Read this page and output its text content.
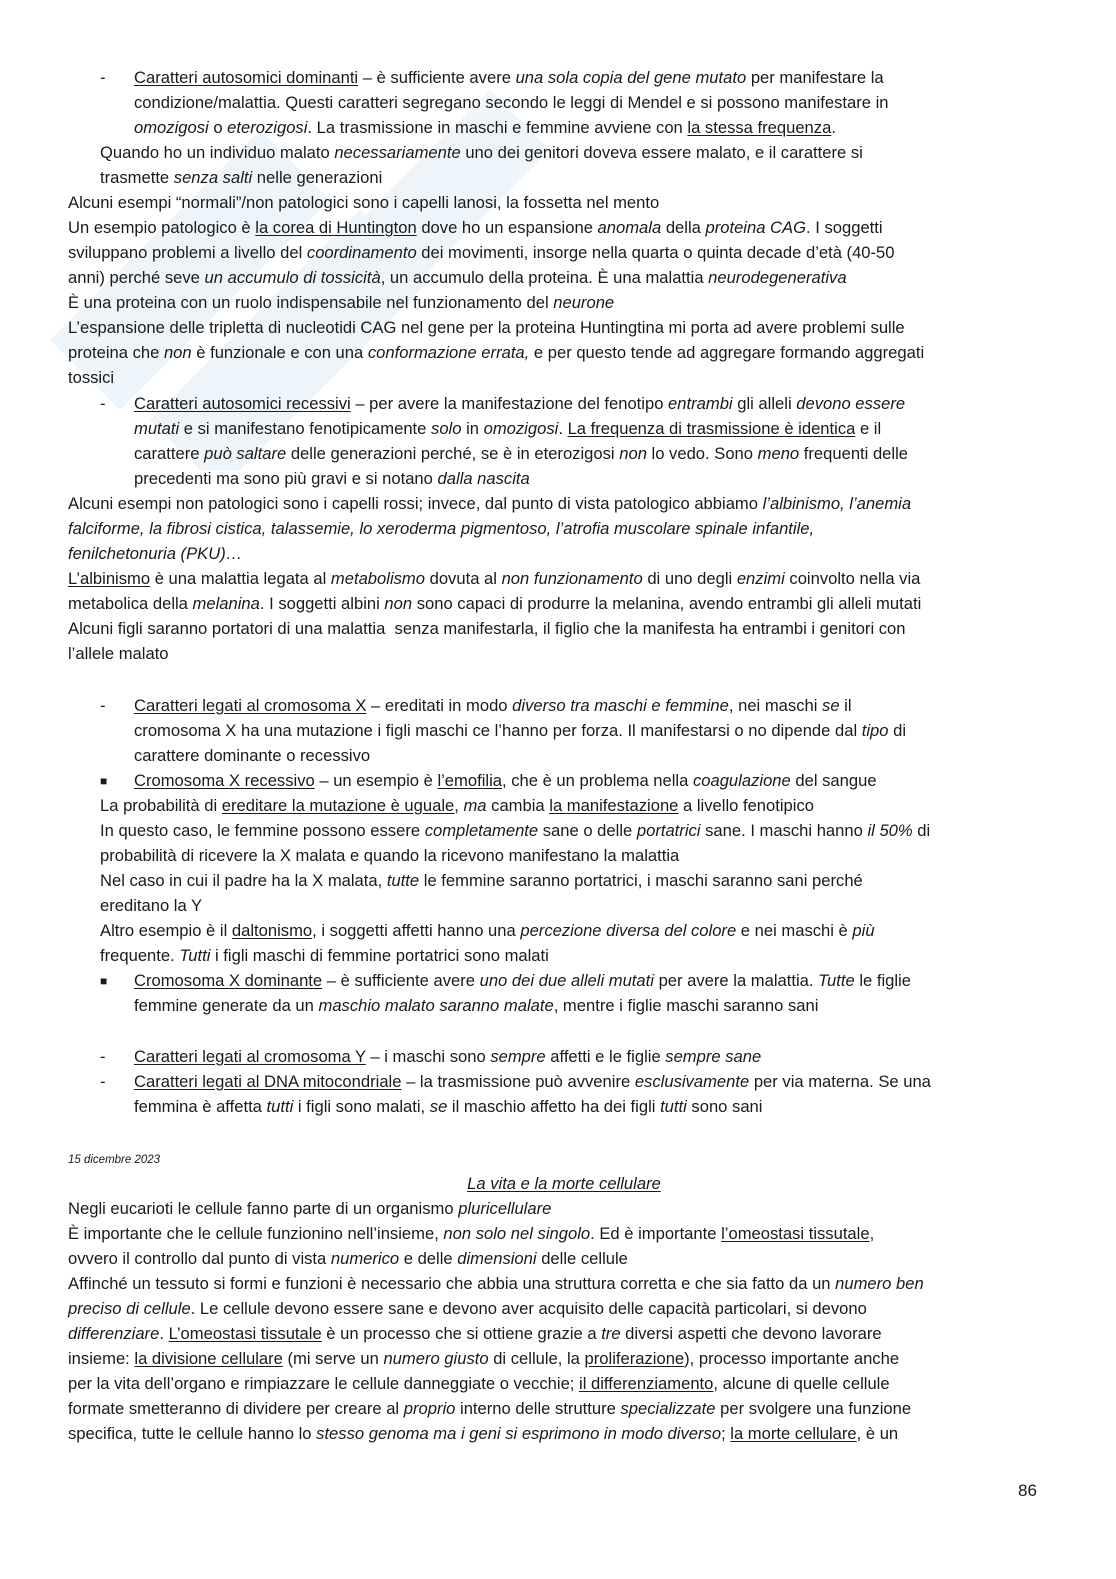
- Caratteri autosomici dominanti – è sufficiente avere una sola copia del gene mutato per manifestare la
condizione/malattia. Questi caratteri segregano secondo le leggi di Mendel e si possono manifestare in
omozigosi o eterozigosi. La trasmissione in maschi e femmine avviene con la stessa frequenza.
Quando ho un individuo malato necessariamente uno dei genitori doveva essere malato, e il carattere si
trasmette senza salti nelle generazioni
Alcuni esempi “normali”/non patologici sono i capelli lanosi, la fossetta nel mento
Un esempio patologico è la corea di Huntington dove ho un espansione anomala della proteina CAG. I soggetti
sviluppano problemi a livello del coordinamento dei movimenti, insorge nella quarta o quinta decade d’età (40-50
anni) perché seve un accumulo di tossicità, un accumulo della proteina. È una malattia neurodegenerativa
È una proteina con un ruolo indispensabile nel funzionamento del neurone
L’espansione delle tripletta di nucleotidi CAG nel gene per la proteina Huntingtina mi porta ad avere problemi sulle
proteina che non è funzionale e con una conformazione errata, e per questo tende ad aggregare formando aggregati
tossici
- Caratteri autosomici recessivi – per avere la manifestazione del fenotipo entrambi gli alleli devono essere
mutati e si manifestano fenotipicamente solo in omozigosi. La frequenza di trasmissione è identica e il
carattere può saltare delle generazioni perché, se è in eterozigosi non lo vedo. Sono meno frequenti delle
precedenti ma sono più gravi e si notano dalla nascita
Alcuni esempi non patologici sono i capelli rossi; invece, dal punto di vista patologico abbiamo l’albinismo, l’anemia
falciforme, la fibrosi cistica, talassemie, lo xeroderma pigmentoso, l’atrofia muscolare spinale infantile,
fenilchetonuria (PKU)…
L’albinismo è una malattia legata al metabolismo dovuta al non funzionamento di uno degli enzimi coinvolto nella via
metabolica della melanina. I soggetti albini non sono capaci di produrre la melanina, avendo entrambi gli alleli mutati
Alcuni figli saranno portatori di una malattia  senza manifestarla, il figlio che la manifesta ha entrambi i genitori con
l’allele malato
- Caratteri legati al cromosoma X – ereditati in modo diverso tra maschi e femmine, nei maschi se il
cromosoma X ha una mutazione i figli maschi ce l’hanno per forza. Il manifestarsi o no dipende dal tipo di
carattere dominante o recessivo
■ Cromosoma X recessivo – un esempio è l’emofilia, che è un problema nella coagulazione del sangue
La probabilità di ereditare la mutazione è uguale, ma cambia la manifestazione a livello fenotipico
In questo caso, le femmine possono essere completamente sane o delle portatrici sane. I maschi hanno il 50% di
probabilità di ricevere la X malata e quando la ricevono manifestano la malattia
Nel caso in cui il padre ha la X malata, tutte le femmine saranno portatrici, i maschi saranno sani perché
ereditano la Y
Altro esempio è il daltonismo, i soggetti affetti hanno una percezione diversa del colore e nei maschi è più
frequente. Tutti i figli maschi di femmine portatrici sono malati
■ Cromosoma X dominante – è sufficiente avere uno dei due alleli mutati per avere la malattia. Tutte le figlie
femmine generate da un maschio malato saranno malate, mentre i figlie maschi saranno sani
- Caratteri legati al cromosoma Y – i maschi sono sempre affetti e le figlie sempre sane
- Caratteri legati al DNA mitocondriale – la trasmissione può avvenire esclusivamente per via materna. Se una
femmina è affetta tutti i figli sono malati, se il maschio affetto ha dei figli tutti sono sani
15 dicembre 2023
La vita e la morte cellulare
Negli eucarioti le cellule fanno parte di un organismo pluricellulare
È importante che le cellule funzionino nell’insieme, non solo nel singolo. Ed è importante l’omeostasi tissutale,
ovvero il controllo dal punto di vista numerico e delle dimensioni delle cellule
Affinché un tessuto si formi e funzioni è necessario che abbia una struttura corretta e che sia fatto da un numero ben
preciso di cellule. Le cellule devono essere sane e devono aver acquisito delle capacità particolari, si devono
differenziare. L’omeostasi tissutale è un processo che si ottiene grazie a tre diversi aspetti che devono lavorare
insieme: la divisione cellulare (mi serve un numero giusto di cellule, la proliferazione), processo importante anche
per la vita dell’organo e rimpiazzare le cellule danneggiate o vecchie; il differenziamento, alcune di quelle cellule
formate smetteranno di dividere per creare al proprio interno delle strutture specializzate per svolgere una funzione
specifica, tutte le cellule hanno lo stesso genoma ma i geni si esprimono in modo diverso; la morte cellulare, è un
86
